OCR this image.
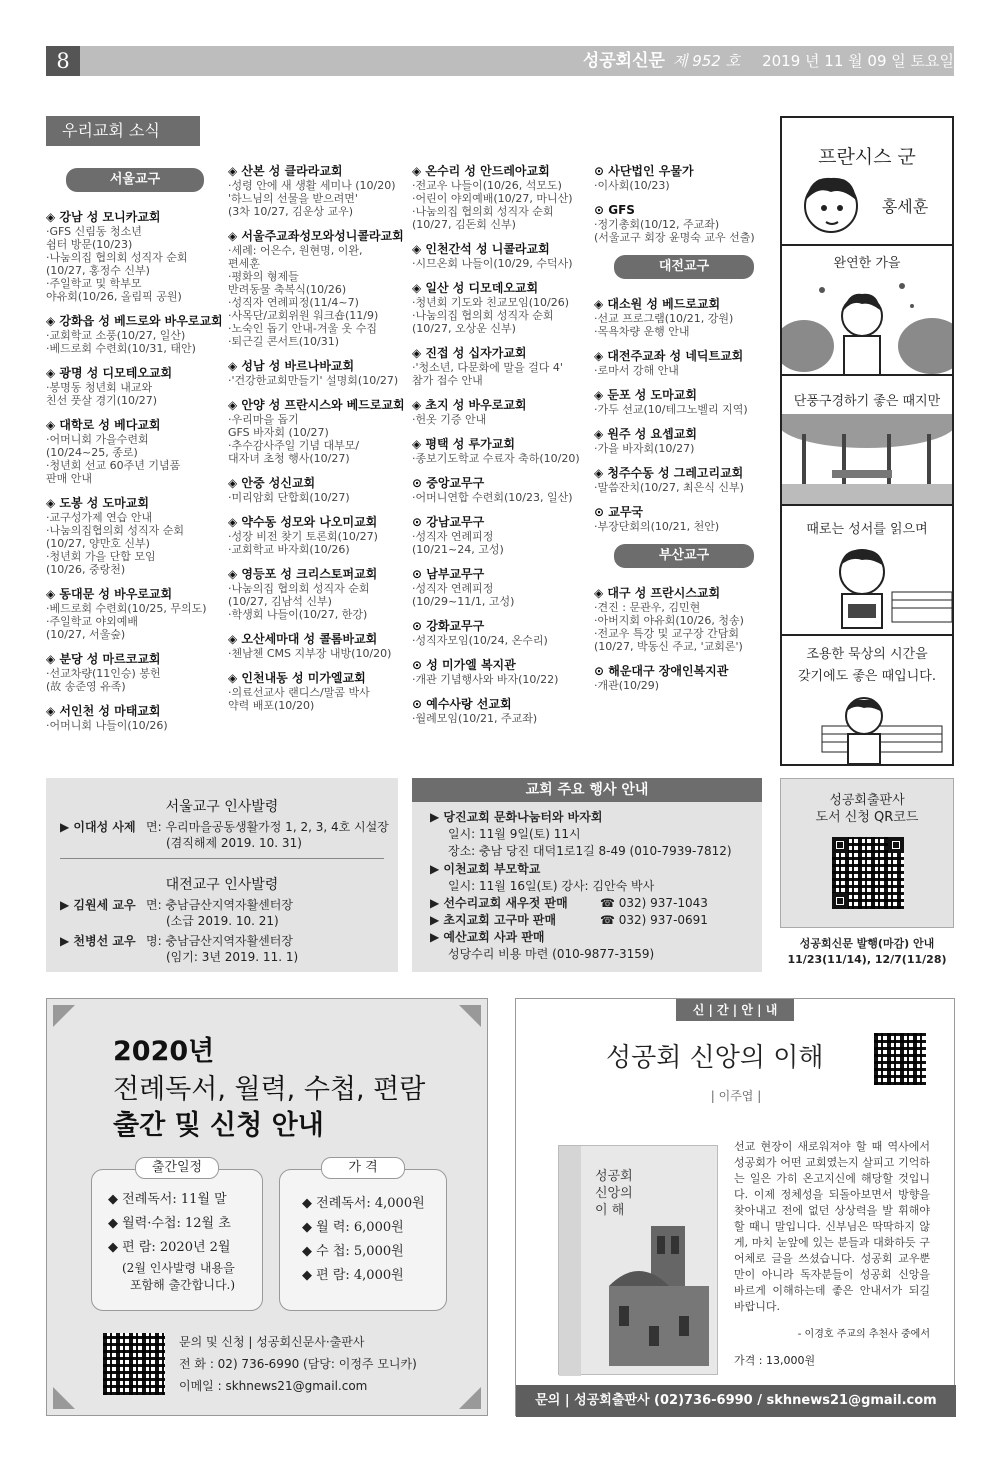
8	성공회신문 제 952 호 2019 년 11 월 09 일 토요일
우리교회 소식
서울교구
◈ 강남 성 모니카교회
·GFS 신림동 청소년
쉼터 방문(10/23)
·나눔의집 협의회 성직자 순회
(10/27, 홍정수 신부)
·주일학교 및 학부모
야유회(10/26, 올림픽 공원)
◈ 강화읍 성 베드로와 바우로교회
·교회학교 소풍(10/27, 일산)
·베드로회 수련회(10/31, 태안)
◈ 광명 성 디모테오교회
·봉명동 청년회 내교와
친선 풋살 경기(10/27)
◈ 대학로 성 베다교회
·어머니회 가을수련회
(10/24~25, 종로)
·청년회 선교 60주년 기념품
판매 안내
◈ 도봉 성 도마교회
·교구성가제 연습 안내
·나눔의집협의회 성직자 순회
(10/27, 양만호 신부)
·청년회 가을 단합 모임
(10/26, 중랑천)
◈ 동대문 성 바우로교회
·베드로회 수련회(10/25, 무의도)
·주일학교 야외예배
(10/27, 서울숲)
◈ 분당 성 마르코교회
·선교차량(11인승) 봉헌
(故 송준영 유족)
◈ 서인천 성 마태교회
·어머니회 나들이(10/26)
◈ 산본 성 클라라교회
·성령 안에 새 생활 세미나 (10/20)
'하느님의 선물을 받으려면'
(3차 10/27, 김운상 교우)
◈ 서울주교좌성모와성니콜라교회
·세례: 어은수, 원현명, 이완,
편세훈
·평화의 형제들
반려동물 축복식(10/26)
·성직자 연례피정(11/4~7)
·사목단/교회위원 워크숍(11/9)
·노숙인 돕기 안내-겨울 옷 수집
·퇴근길 콘서트(10/31)
◈ 성남 성 바르나바교회
·'건강한교회만들기' 설명회(10/27)
◈ 안양 성 프란시스와 베드로교회
·우리마을 돕기
GFS 바자회 (10/27)
·추수감사주일 기념 대부모/
대자녀 초청 행사(10/27)
◈ 안중 성신교회
·미리암회 단합회(10/27)
◈ 약수동 성모와 나오미교회
·성장 비전 찾기 토론회(10/27)
·교회학교 바자회(10/26)
◈ 영등포 성 크리스토퍼교회
·나눔의집 협의회 성직자 순회
(10/27, 김남석 신부)
·학생회 나들이(10/27, 한강)
◈ 오산세마대 성 콜롬바교회
·첸남첸 CMS 지부장 내방(10/20)
◈ 인천내동 성 미가엘교회
·의료선교사 랜디스/말콤 박사
약력 배포(10/20)
◈ 온수리 성 안드레아교회
·전교우 나들이(10/26, 석모도)
·어린이 야외예배(10/27, 마니산)
·나눔의집 협의회 성직자 순회
(10/27, 김돈회 신부)
◈ 인천간석 성 니콜라교회
·시므온회 나들이(10/29, 수덕사)
◈ 일산 성 디모데오교회
·청년회 기도와 친교모임(10/26)
·나눔의집 협의회 성직자 순회
(10/27, 오상운 신부)
◈ 진접 성 십자가교회
·'청소년, 다문화에 말을 걸다 4'
참가 접수 안내
◈ 초지 성 바우로교회
·헌옷 기증 안내
◈ 평택 성 루가교회
·종보기도학교 수료자 축하(10/20)
⊙ 중앙교무구
·어머니연합 수련회(10/23, 일산)
⊙ 강남교무구
·성직자 연례피정
(10/21~24, 고성)
⊙ 남부교무구
·성직자 연례피정
(10/29~11/1, 고성)
⊙ 강화교무구
·성직자모임(10/24, 온수리)
⊙ 성 미가엘 복지관
·개관 기념행사와 바자(10/22)
⊙ 예수사랑 선교회
·월례모임(10/21, 주교좌)
⊙ 사단법인 우물가
·이사회(10/23)
⊙ GFS
·정기총회(10/12, 주교좌)
(서울교구 회장 윤명숙 교우 선출)
대전교구
◈ 대소원 성 베드로교회
·선교 프로그램(10/21, 강원)
·목욕차량 운행 안내
◈ 대전주교좌 성 네딕트교회
·로마서 강해 안내
◈ 둔포 성 도마교회
·가두 선교(10/테그노벨리 지역)
◈ 원주 성 요셉교회
·가을 바자회(10/27)
◈ 청주수동 성 그레고리교회
·말씀잔치(10/27, 최은식 신부)
⊙ 교무국
·부장단회의(10/21, 천안)
부산교구
◈ 대구 성 프란시스교회
·견진 : 문관우, 김민현
·아버지회 야유회(10/26, 청송)
·전교우 특강 및 교구장 간담회
(10/27, 박동신 주교, '교회론')
⊙ 해운대구 장애인복지관
·개관(10/29)
프란시스 군
홍세훈
완연한 가을
단풍구경하기 좋은 때지만
때로는 성서를 읽으며
조용한 묵상의 시간을
갖기에도 좋은 때입니다.
서울교구 인사발령
▶ 이대성 사제 면: 우리마을공동생활가정 1, 2, 3, 4호 시설장
(겸직해제 2019. 10. 31)
대전교구 인사발령
▶ 김원세 교우 면: 충남금산지역자활센터장
(소급 2019. 10. 21)
▶ 천병선 교우 명: 충남금산지역자활센터장
(임기: 3년 2019. 11. 1)
교회 주요 행사 안내
▶ 당진교회 문화나눔터와 바자회
일시: 11월 9일(토) 11시
장소: 충남 당진 대덕1로1길 8-49 (010-7939-7812)
▶ 이천교회 부모학교
일시: 11월 16일(토) 강사: 김안숙 박사
▶ 선수리교회 새우젓 판매	☎ 032) 937-1043
▶ 초지교회 고구마 판매	☎ 032) 937-0691
▶ 예산교회 사과 판매
성당수리 비용 마련 (010-9877-3159)
성공회출판사
도서 신청 QR코드
성공회신문 발행(마감) 안내
11/23(11/14), 12/7(11/28)
2020년
전례독서, 월력, 수첩, 편람
출간 및 신청 안내
◆ 전례독서: 11월 말
◆ 월력·수첩: 12월 초
◆ 편 람: 2020년 2월
(2월 인사발령 내용을
포함해 출간합니다.)
출간일정
◆ 전례독서: 4,000원
◆ 월 력: 6,000원
◆ 수 첩: 5,000원
◆ 편 람: 4,000원
가 격
문의 및 신청 | 성공회신문사·출판사
전 화 : 02) 736-6990 (담당: 이정주 모니카)
이메일 : skhnews21@gmail.com
신 | 간 | 안 | 내
성공회 신앙의 이해
| 이주엽 |
성공회
신앙의
이 해
선교 현장이 새로워져야 할 때 역사에서 성공회가 어떤 교회였는지 살피고 기억하는 일은 가히 온고지신에 해당할 것입니다. 이제 정체성을 되돌아보면서 방향을 찾아내고 전에 없던 상상력을 발 휘해야 할 때니 말입니다. 신부님은 딱딱하지 않게, 마치 눈앞에 있는 분들과 대화하듯 구어체로 글을 쓰셨습니다. 성공회 교우뿐만이 아니라 독자분들이 성공회 신앙을 바르게 이해하는데 좋은 안내서가 되길 바랍니다.
- 이경호 주교의 추천사 중에서
가격 : 13,000원
문의 | 성공회출판사 (02)736-6990 / skhnews21@gmail.com
